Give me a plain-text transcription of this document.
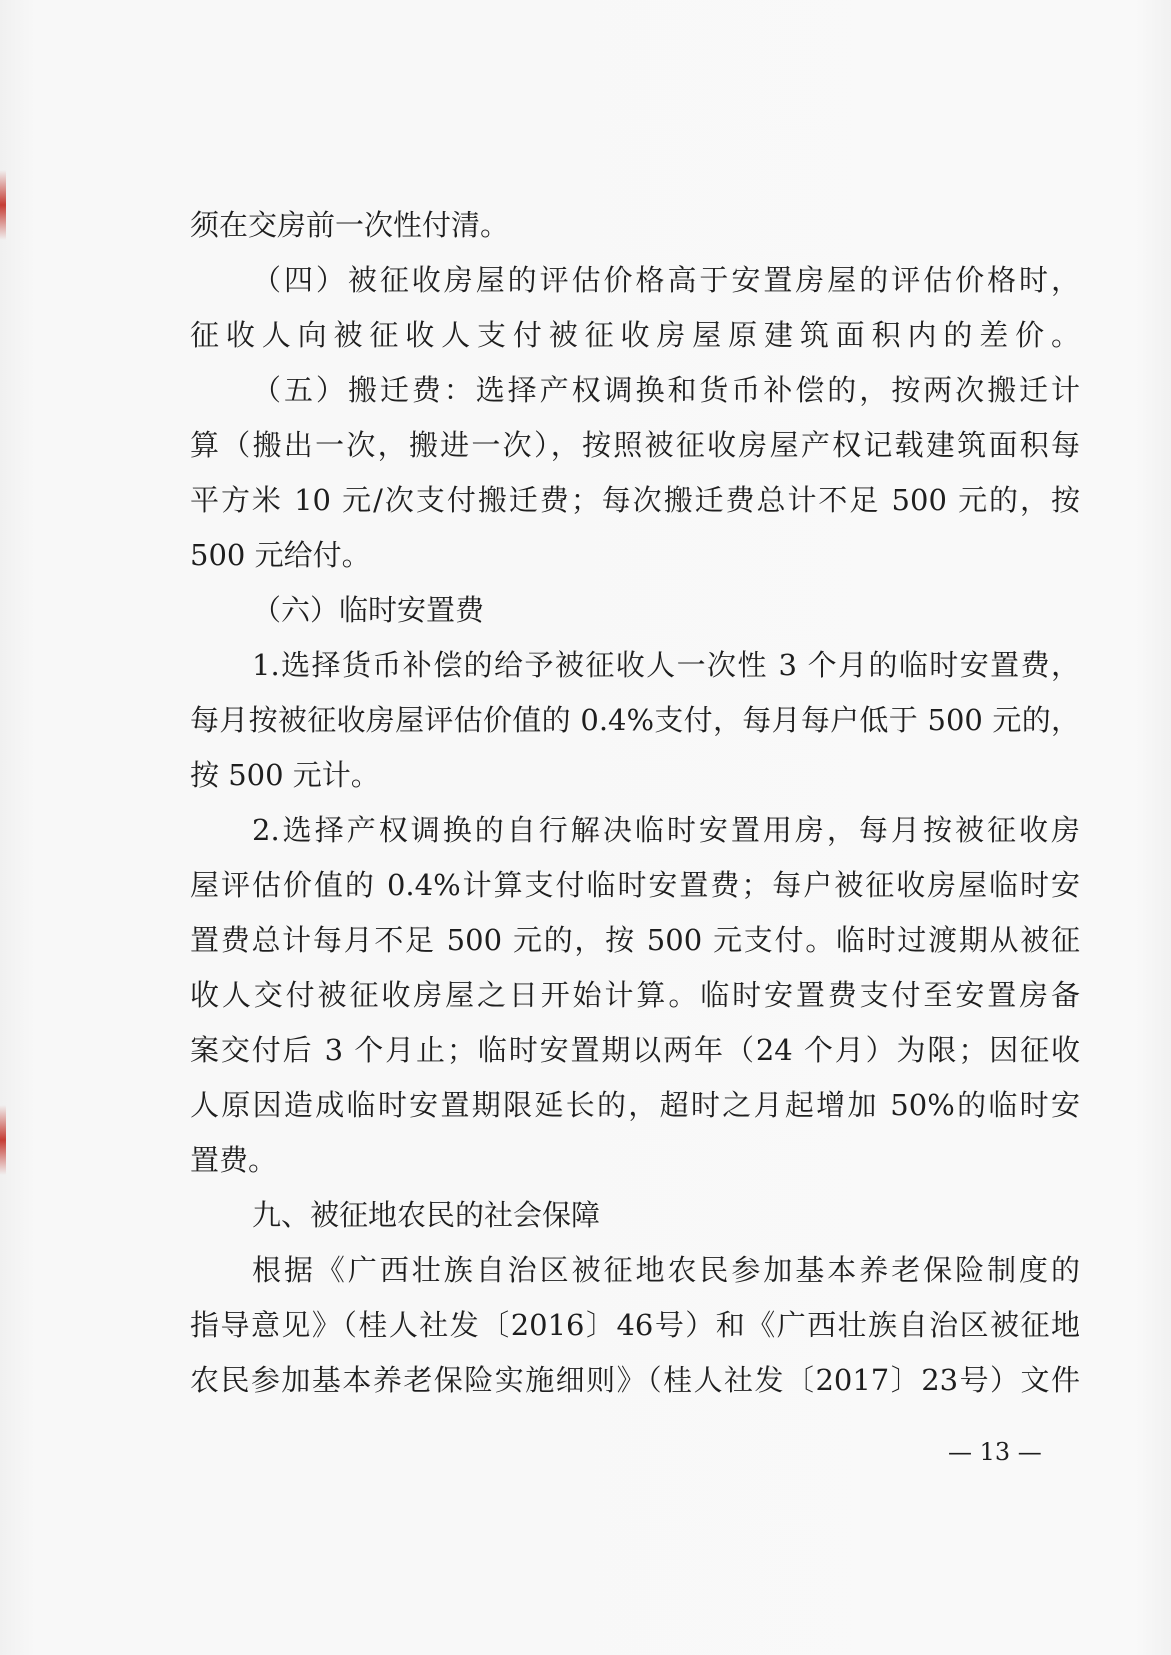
须在交房前一次性付清。
（四）被征收房屋的评估价格高于安置房屋的评估价格时，
征收人向被征收人支付被征收房屋原建筑面积内的差价。
（五）搬迁费：选择产权调换和货币补偿的，按两次搬迁计
算（搬出一次，搬进一次），按照被征收房屋产权记载建筑面积每
平方米 10 元/次支付搬迁费；每次搬迁费总计不足 500 元的，按
500 元给付。
（六）临时安置费
1.选择货币补偿的给予被征收人一次性 3 个月的临时安置费，
每月按被征收房屋评估价值的 0.4%支付，每月每户低于 500 元的，
按 500 元计。
2.选择产权调换的自行解决临时安置用房，每月按被征收房
屋评估价值的 0.4%计算支付临时安置费；每户被征收房屋临时安
置费总计每月不足 500 元的，按 500 元支付。临时过渡期从被征
收人交付被征收房屋之日开始计算。临时安置费支付至安置房备
案交付后 3 个月止；临时安置期以两年（24 个月）为限；因征收
人原因造成临时安置期限延长的，超时之月起增加 50%的临时安
置费。
九、被征地农民的社会保障
根据《广西壮族自治区被征地农民参加基本养老保险制度的
指导意见》（桂人社发〔2016〕46号）和《广西壮族自治区被征地
农民参加基本养老保险实施细则》（桂人社发〔2017〕23号）文件
— 13 —
